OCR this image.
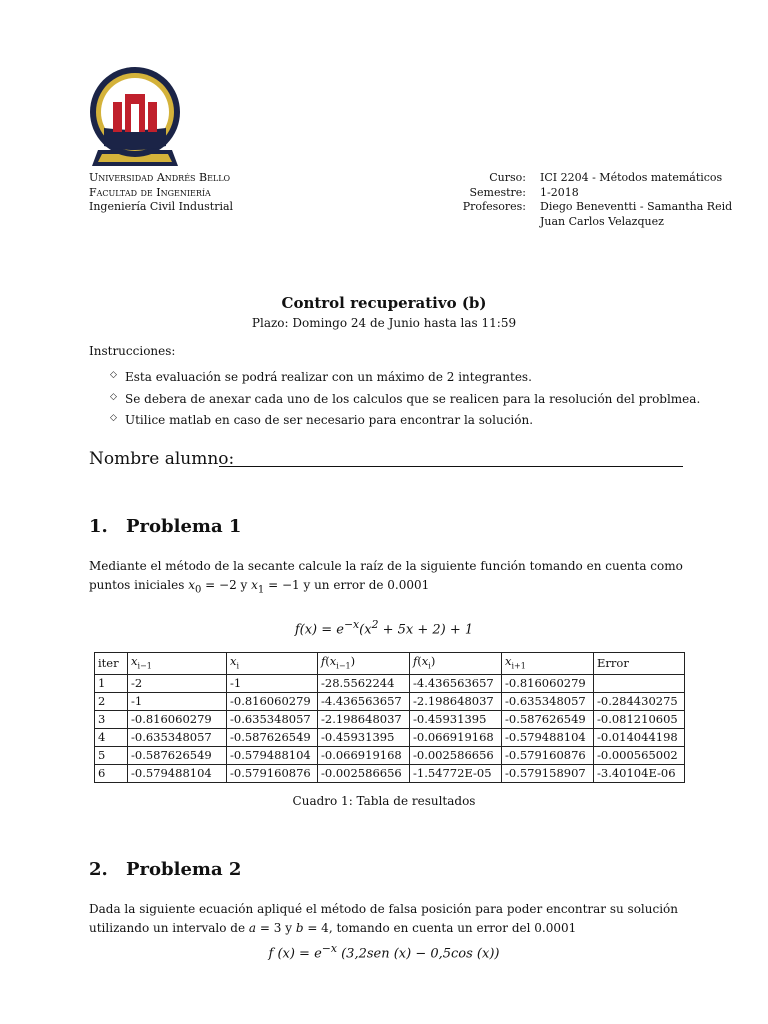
Universidad Andrés Bello
Facultad de Ingeniería
Ingeniería Civil Industrial
Curso:	ICI 2204 - Métodos matemáticos
Semestre:	1-2018
Profesores:	Diego Beneventti - Samantha Reid
	Juan Carlos Velazquez
Control recuperativo (b)
Plazo: Domingo 24 de Junio hasta las 11:59
Instrucciones:
◇ Esta evaluación se podrá realizar con un máximo de 2 integrantes.
◇ Se debera de anexar cada uno de los calculos que se realicen para la resolución del problmea.
◇ Utilice matlab en caso de ser necesario para encontrar la solución.
Nombre alumno:
1. Problema 1
Mediante el método de la secante calcule la raíz de la siguiente función tomando en cuenta como
puntos iniciales $x_0 = -2$ y $x_1 = -1$ y un error de 0.0001
$f(x) = e^{-x}(x^2 + 5x + 2) + 1$
iter	$x_{i-1}$	$x_i$	$f(x_{i-1})$	$f(x_i)$	$x_{i+1}$	Error
1	-2	-1	-28.5562244	-4.436563657	-0.816060279	
2	-1	-0.816060279	-4.436563657	-2.198648037	-0.635348057	-0.284430275
3	-0.816060279	-0.635348057	-2.198648037	-0.45931395	-0.587626549	-0.081210605
4	-0.635348057	-0.587626549	-0.45931395	-0.066919168	-0.579488104	-0.014044198
5	-0.587626549	-0.579488104	-0.066919168	-0.002586656	-0.579160876	-0.000565002
6	-0.579488104	-0.579160876	-0.002586656	-1.54772E-05	-0.579158907	-3.40104E-06
Cuadro 1: Tabla de resultados
2. Problema 2
Dada la siguiente ecuación apliqué el método de falsa posición para poder encontrar su solución
utilizando un intervalo de a = 3 y b = 4, tomando en cuenta un error del 0.0001
f $(x) = e^{-x}$ (3,2sen (x) − 0,5cos (x))
